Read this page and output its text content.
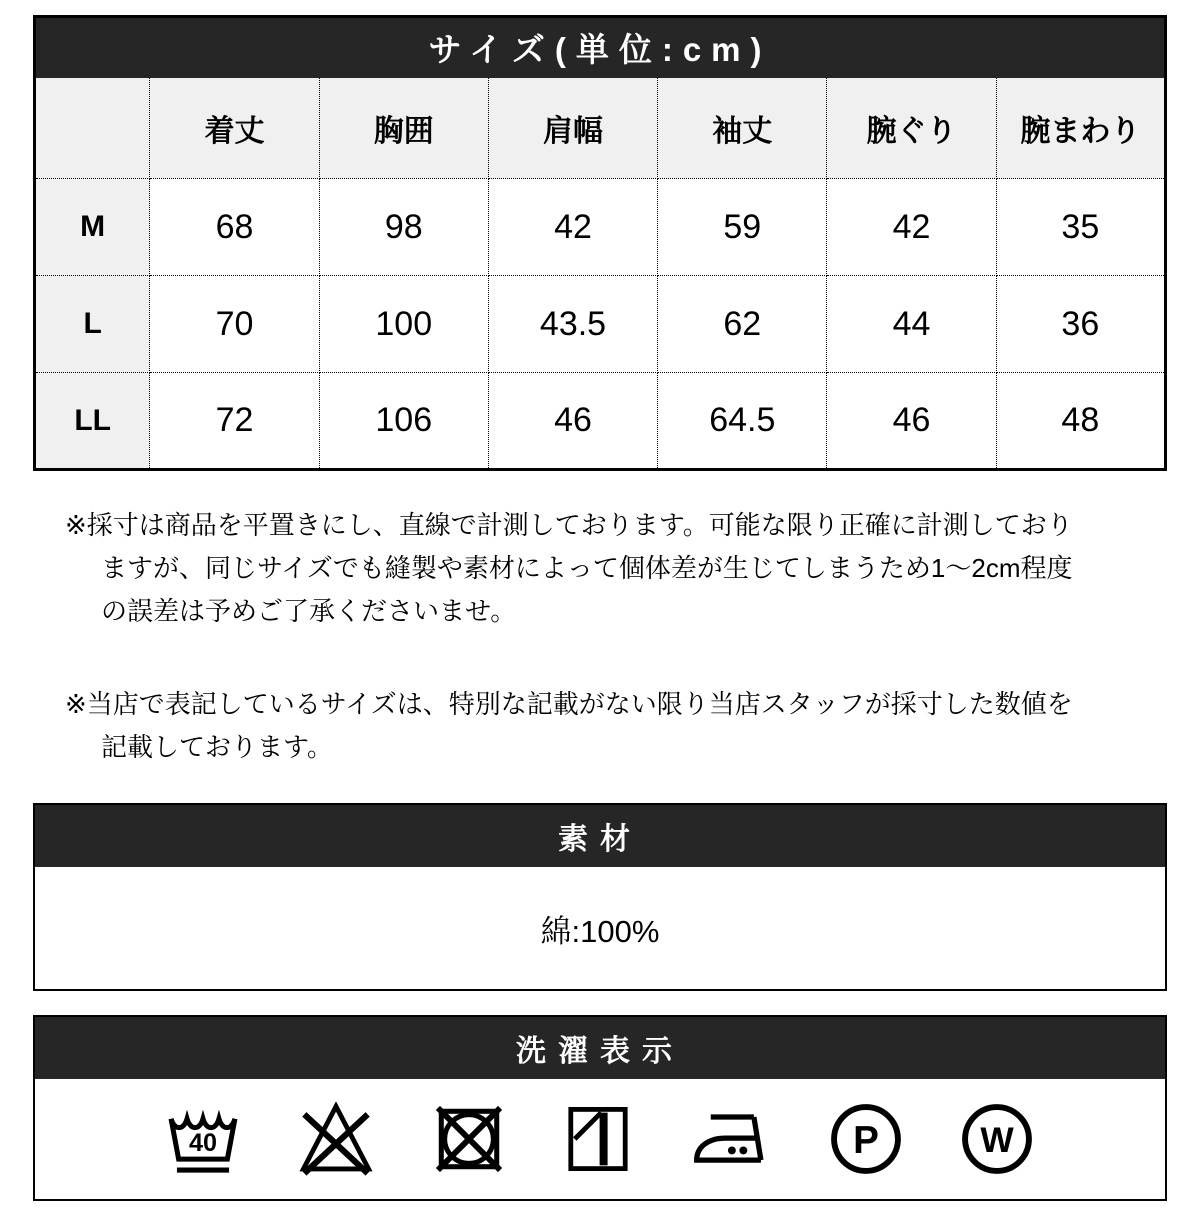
サイズ(単位:cm)						
	着丈	胸囲	肩幅	袖丈	腕ぐり	腕まわり
M	68	98	42	59	42	35
L	70	100	43.5	62	44	36
LL	72	106	46	64.5	46	48

※採寸は商品を平置きにし、直線で計測しております。可能な限り正確に計測しておりますが、同じサイズでも縫製や素材によって個体差が生じてしまうため1〜2cm程度の誤差は予めご了承くださいませ。

※当店で表記しているサイズは、特別な記載がない限り当店スタッフが採寸した数値を記載しております。

素材
綿:100%
洗濯表示
40	P W
